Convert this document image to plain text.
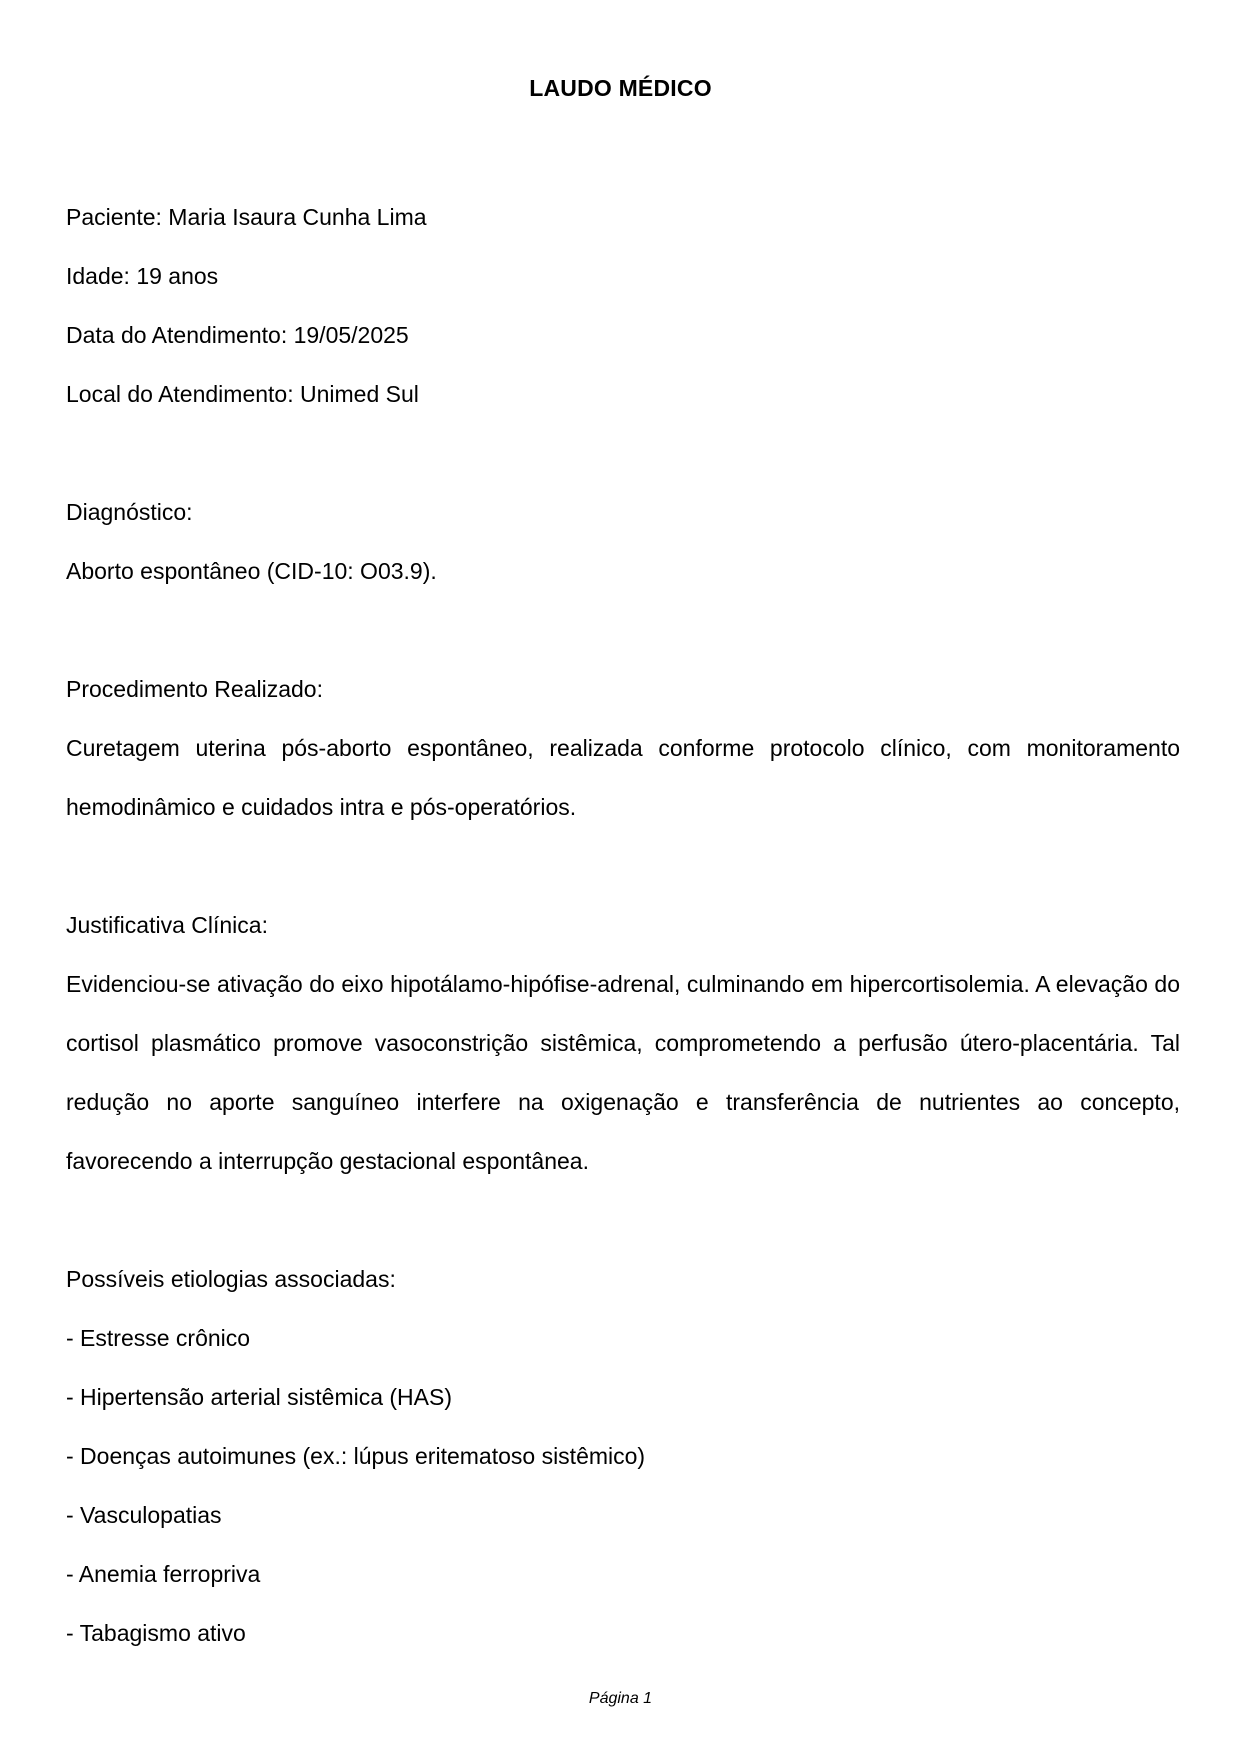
LAUDO MÉDICO
Paciente: Maria Isaura Cunha Lima
Idade: 19 anos
Data do Atendimento: 19/05/2025
Local do Atendimento: Unimed Sul
Diagnóstico:
Aborto espontâneo (CID-10: O03.9).
Procedimento Realizado:
Curetagem uterina pós-aborto espontâneo, realizada conforme protocolo clínico, com monitoramento hemodinâmico e cuidados intra e pós-operatórios.
Justificativa Clínica:
Evidenciou-se ativação do eixo hipotálamo-hipófise-adrenal, culminando em hipercortisolemia. A elevação do cortisol plasmático promove vasoconstrição sistêmica, comprometendo a perfusão útero-placentária. Tal redução no aporte sanguíneo interfere na oxigenação e transferência de nutrientes ao concepto, favorecendo a interrupção gestacional espontânea.
Possíveis etiologias associadas:
- Estresse crônico
- Hipertensão arterial sistêmica (HAS)
- Doenças autoimunes (ex.: lúpus eritematoso sistêmico)
- Vasculopatias
- Anemia ferropriva
- Tabagismo ativo
Página 1
